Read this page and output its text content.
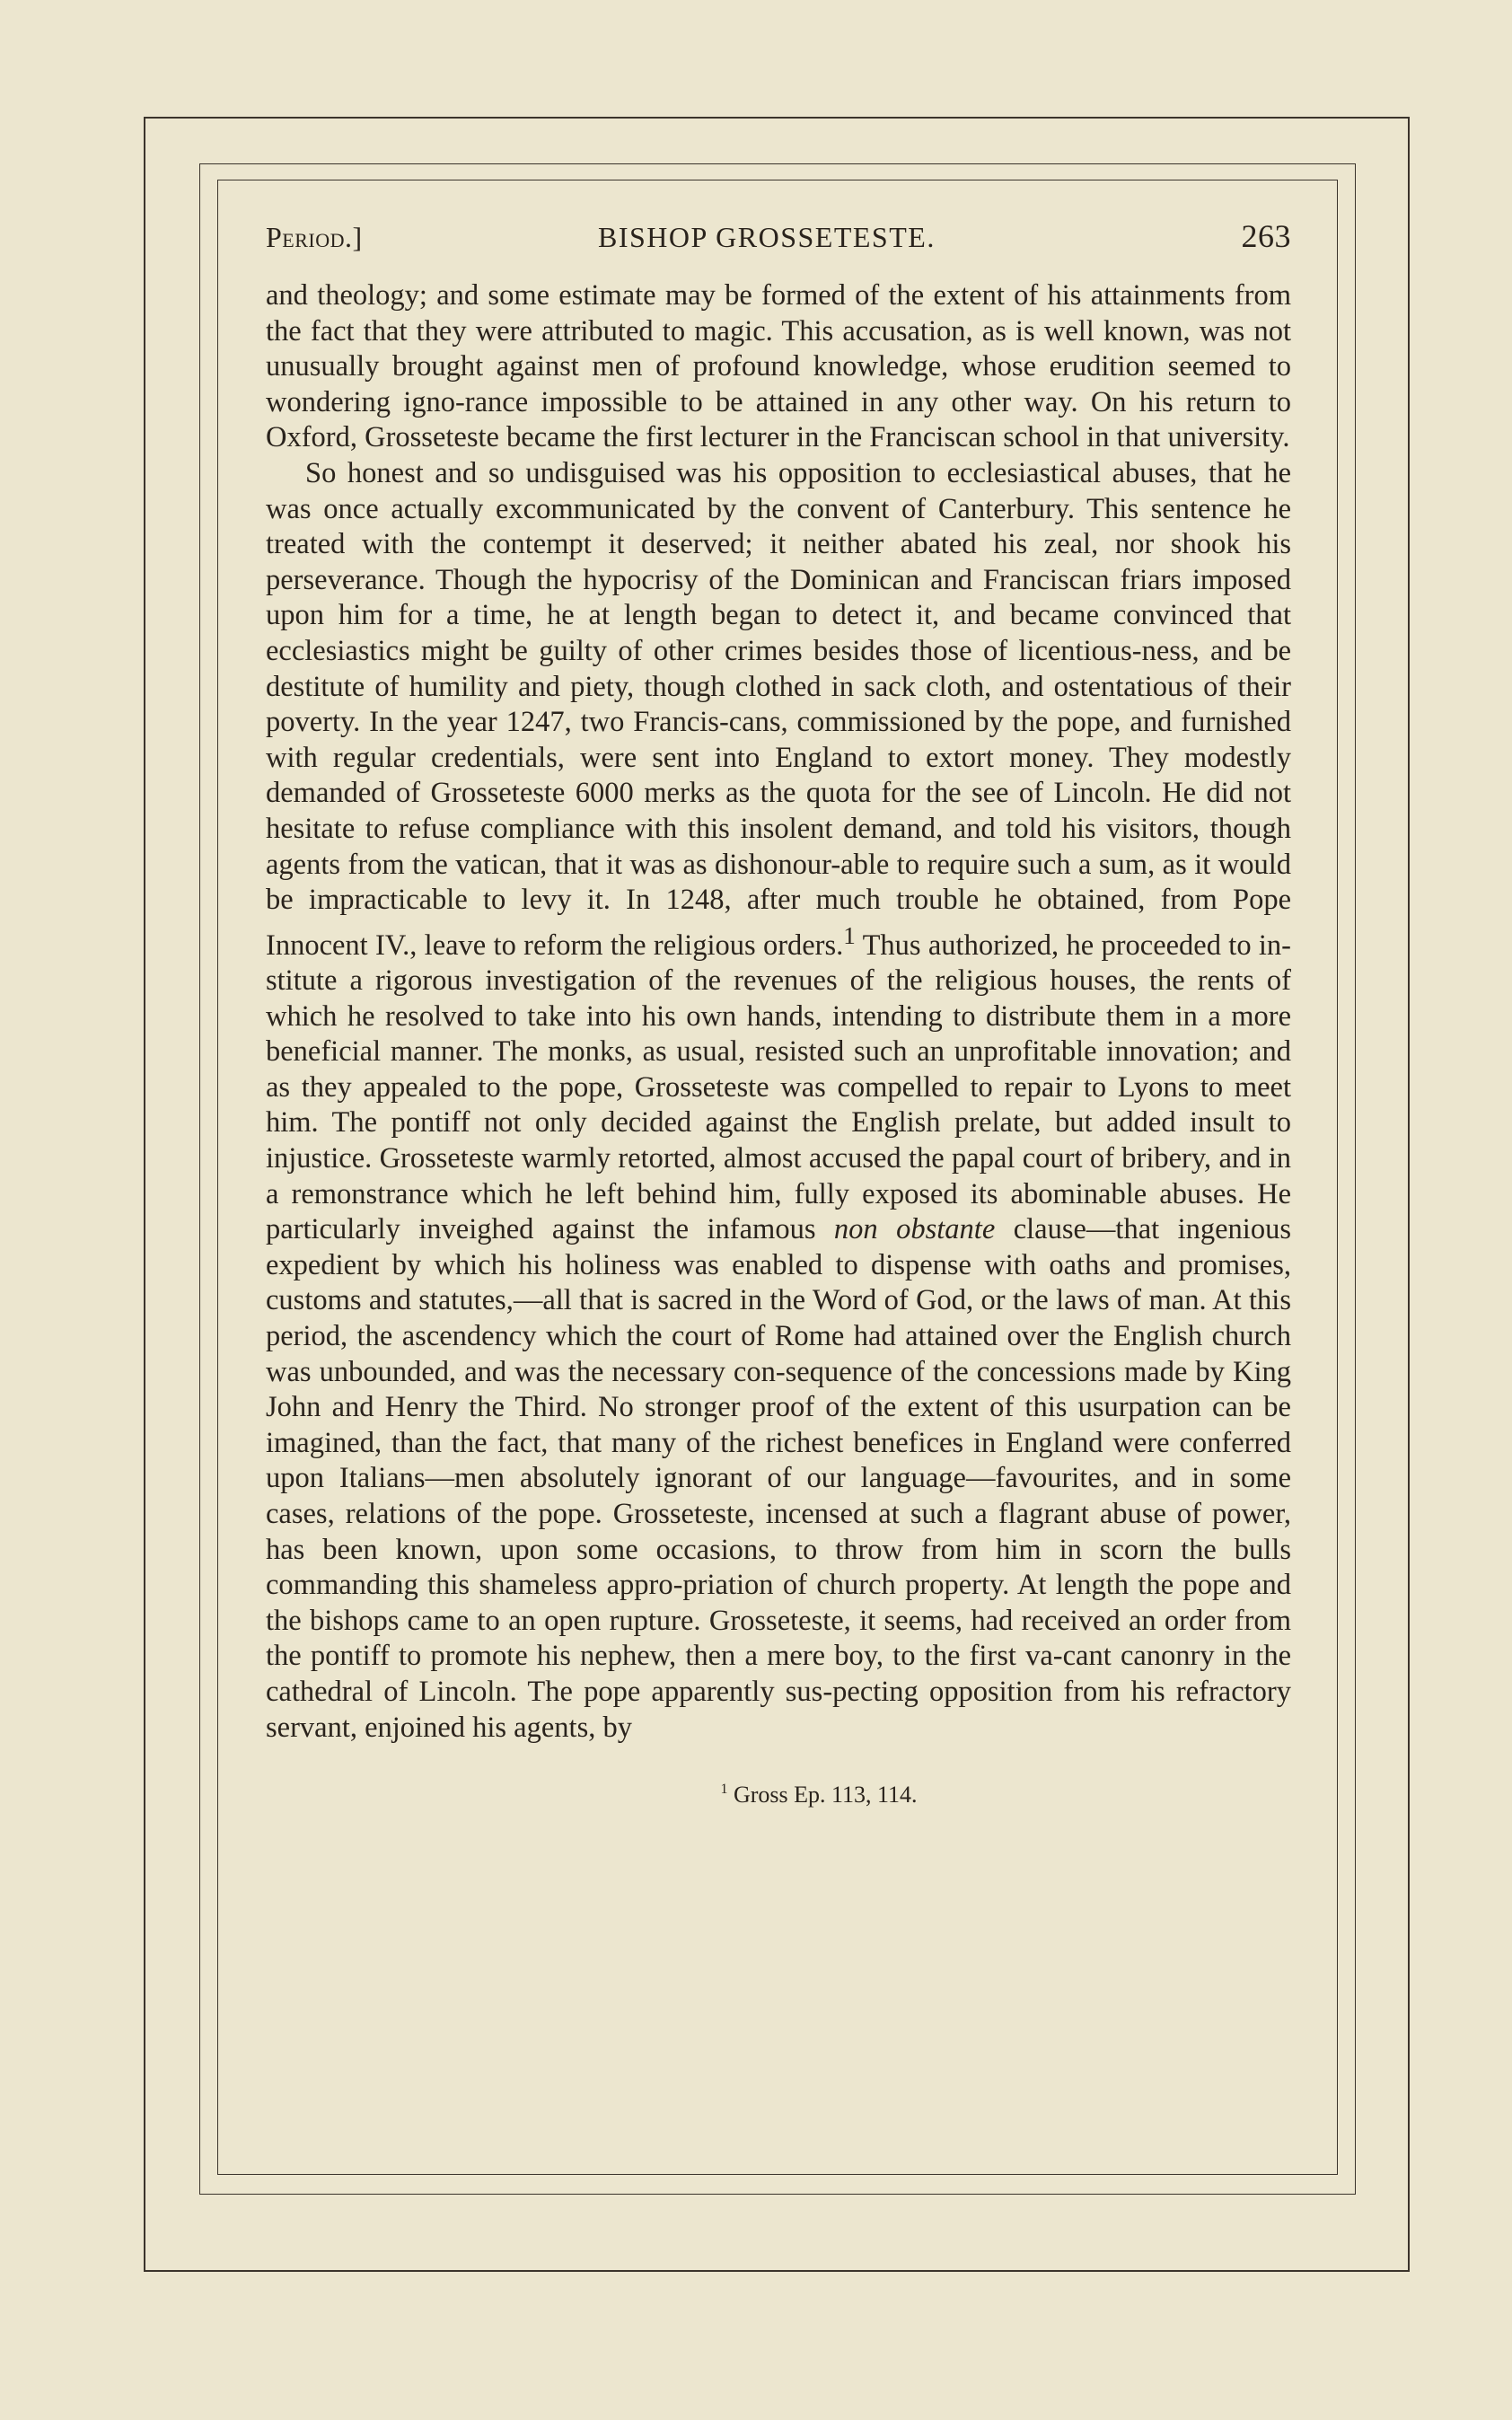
Period.]	BISHOP GROSSETESTE.	263

and theology; and some estimate may be formed of the extent of his attainments from the fact that they were attributed to magic. This accusation, as is well known, was not unusually brought against men of profound knowledge, whose erudition seemed to wondering igno-rance impossible to be attained in any other way. On his return to Oxford, Grosseteste became the first lecturer in the Franciscan school in that university.

So honest and so undisguised was his opposition to ecclesiastical abuses, that he was once actually excommunicated by the convent of Canterbury. This sentence he treated with the contempt it deserved; it neither abated his zeal, nor shook his perseverance. Though the hypocrisy of the Dominican and Franciscan friars imposed upon him for a time, he at length began to detect it, and became convinced that ecclesiastics might be guilty of other crimes besides those of licentious-ness, and be destitute of humility and piety, though clothed in sack cloth, and ostentatious of their poverty. In the year 1247, two Francis-cans, commissioned by the pope, and furnished with regular credentials, were sent into England to extort money. They modestly demanded of Grosseteste 6000 merks as the quota for the see of Lincoln. He did not hesitate to refuse compliance with this insolent demand, and told his visitors, though agents from the vatican, that it was as dishonour-able to require such a sum, as it would be impracticable to levy it. In 1248, after much trouble he obtained, from Pope Innocent IV., leave to reform the religious orders.$^1$ Thus authorized, he proceeded to in-stitute a rigorous investigation of the revenues of the religious houses, the rents of which he resolved to take into his own hands, intending to distribute them in a more beneficial manner. The monks, as usual, resisted such an unprofitable innovation; and as they appealed to the pope, Grosseteste was compelled to repair to Lyons to meet him. The pontiff not only decided against the English prelate, but added insult to injustice. Grosseteste warmly retorted, almost accused the papal court of bribery, and in a remonstrance which he left behind him, fully exposed its abominable abuses. He particularly inveighed against the infamous non obstante clause—that ingenious expedient by which his holiness was enabled to dispense with oaths and promises, customs and statutes,—all that is sacred in the Word of God, or the laws of man. At this period, the ascendency which the court of Rome had attained over the English church was unbounded, and was the necessary con-sequence of the concessions made by King John and Henry the Third. No stronger proof of the extent of this usurpation can be imagined, than the fact, that many of the richest benefices in England were conferred upon Italians—men absolutely ignorant of our language—favourites, and in some cases, relations of the pope. Grosseteste, incensed at such a flagrant abuse of power, has been known, upon some occasions, to throw from him in scorn the bulls commanding this shameless appro-priation of church property. At length the pope and the bishops came to an open rupture. Grosseteste, it seems, had received an order from the pontiff to promote his nephew, then a mere boy, to the first va-cant canonry in the cathedral of Lincoln. The pope apparently sus-pecting opposition from his refractory servant, enjoined his agents, by

$^1$ Gross Ep. 113, 114.
